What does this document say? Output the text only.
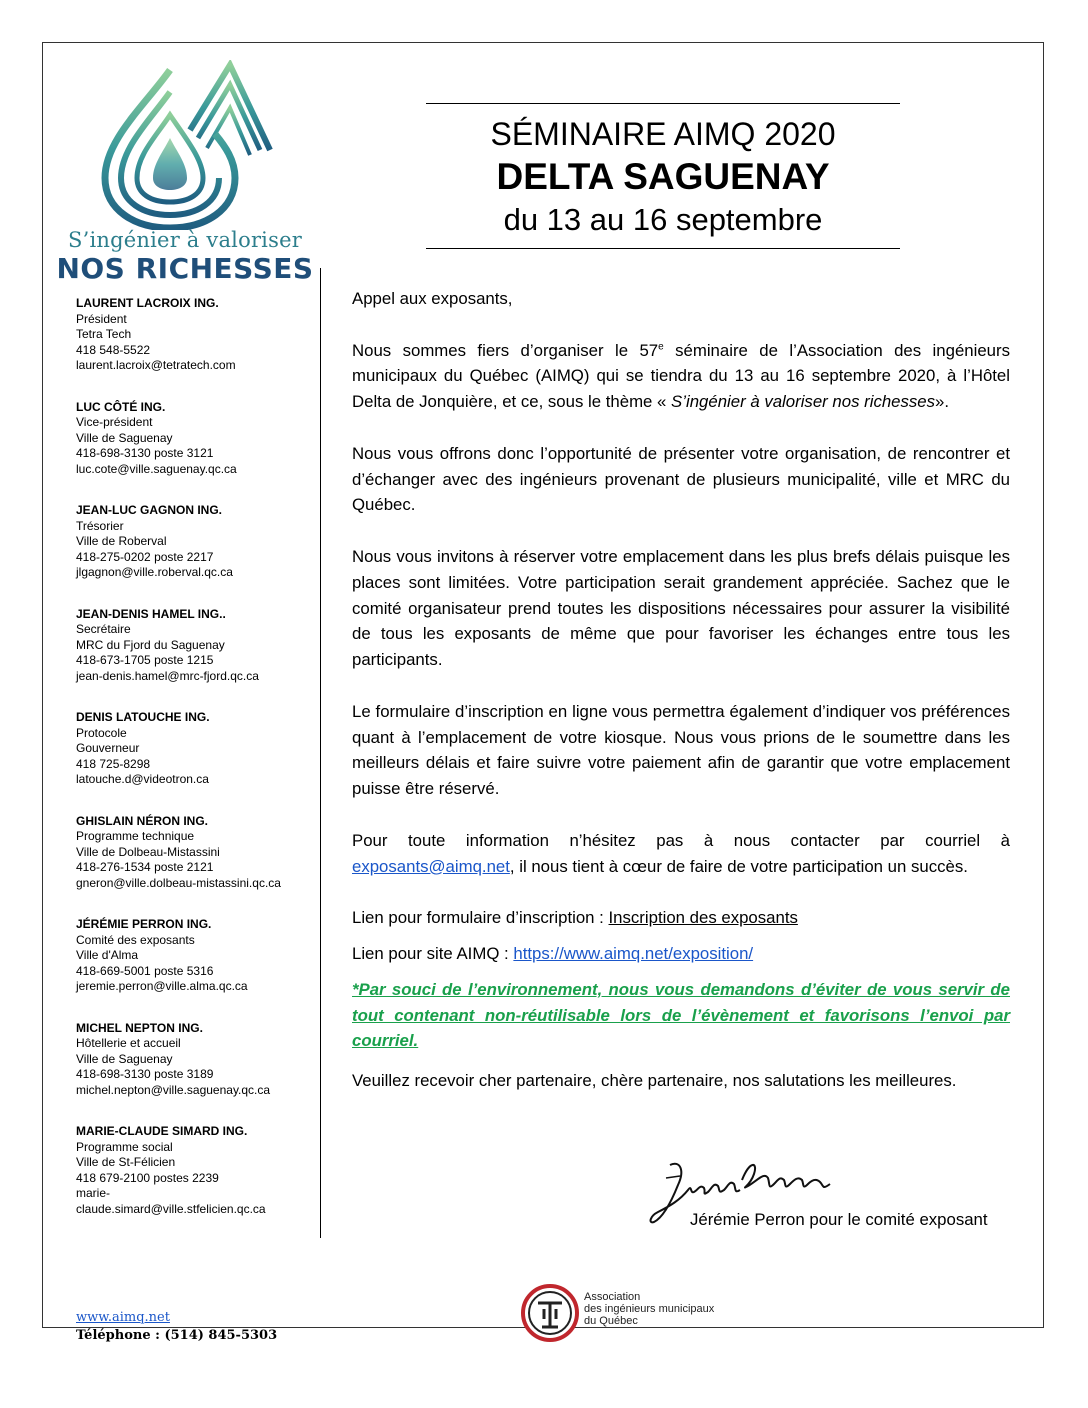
S’ingénier à valoriser
NOS RICHESSES
LAURENT LACROIX ING.
Président
Tetra Tech
418 548-5522
laurent.lacroix@tetratech.com
LUC CÔTÉ ING.
Vice-président
Ville de Saguenay
418-698-3130 poste 3121
luc.cote@ville.saguenay.qc.ca
JEAN-LUC GAGNON ING.
Trésorier
Ville de Roberval
418-275-0202 poste 2217
jlgagnon@ville.roberval.qc.ca
JEAN-DENIS HAMEL ING..
Secrétaire
MRC du Fjord du Saguenay
418-673-1705 poste 1215
jean-denis.hamel@mrc-fjord.qc.ca
DENIS LATOUCHE ING.
Protocole
Gouverneur
418 725-8298
latouche.d@videotron.ca
GHISLAIN NÉRON ING.
Programme technique
Ville de Dolbeau-Mistassini
418-276-1534 poste 2121
gneron@ville.dolbeau-mistassini.qc.ca
JÉRÉMIE PERRON ING.
Comité des exposants
Ville d'Alma
418-669-5001 poste 5316
jeremie.perron@ville.alma.qc.ca
MICHEL NEPTON ING.
Hôtellerie et accueil
Ville de Saguenay
418-698-3130 poste 3189
michel.nepton@ville.saguenay.qc.ca
MARIE-CLAUDE SIMARD ING.
Programme social
Ville de St-Félicien
418 679-2100 postes 2239
marie-
claude.simard@ville.stfelicien.qc.ca
SÉMINAIRE AIMQ 2020
DELTA SAGUENAY
du 13 au 16 septembre

Appel aux exposants,

Nous sommes fiers d’organiser le 57e séminaire de l’Association des ingénieurs municipaux du Québec (AIMQ) qui se tiendra du 13 au 16 septembre 2020, à l’Hôtel Delta de Jonquière, et ce, sous le thème « S’ingénier à valoriser nos richesses».

Nous vous offrons donc l’opportunité de présenter votre organisation, de rencontrer et d’échanger avec des ingénieurs provenant de plusieurs municipalité, ville et MRC du Québec.

Nous vous invitons à réserver votre emplacement dans les plus brefs délais puisque les places sont limitées. Votre participation serait grandement appréciée. Sachez que le comité organisateur prend toutes les dispositions nécessaires pour assurer la visibilité de tous les exposants de même que pour favoriser les échanges entre tous les participants.

Le formulaire d’inscription en ligne vous permettra également d’indiquer vos préférences quant à l’emplacement de votre kiosque. Nous vous prions de le soumettre dans les meilleurs délais et faire suivre votre paiement afin de garantir que votre emplacement puisse être réservé.

Pour toute information n’hésitez pas à nous contacter par courriel à exposants@aimq.net, il nous tient à cœur de faire de votre participation un succès.

Lien pour formulaire d’inscription : Inscription des exposants

Lien pour site AIMQ : https://www.aimq.net/exposition/

*Par souci de l’environnement, nous vous demandons d’éviter de vous servir de tout contenant non-réutilisable lors de l’évènement et favorisons l’envoi par courriel.

Veuillez recevoir cher partenaire, chère partenaire, nos salutations les meilleures.

Jérémie Perron pour le comité exposant
www.aimq.net
Téléphone : (514) 845-5303
Association
des ingénieurs municipaux
du Québec
